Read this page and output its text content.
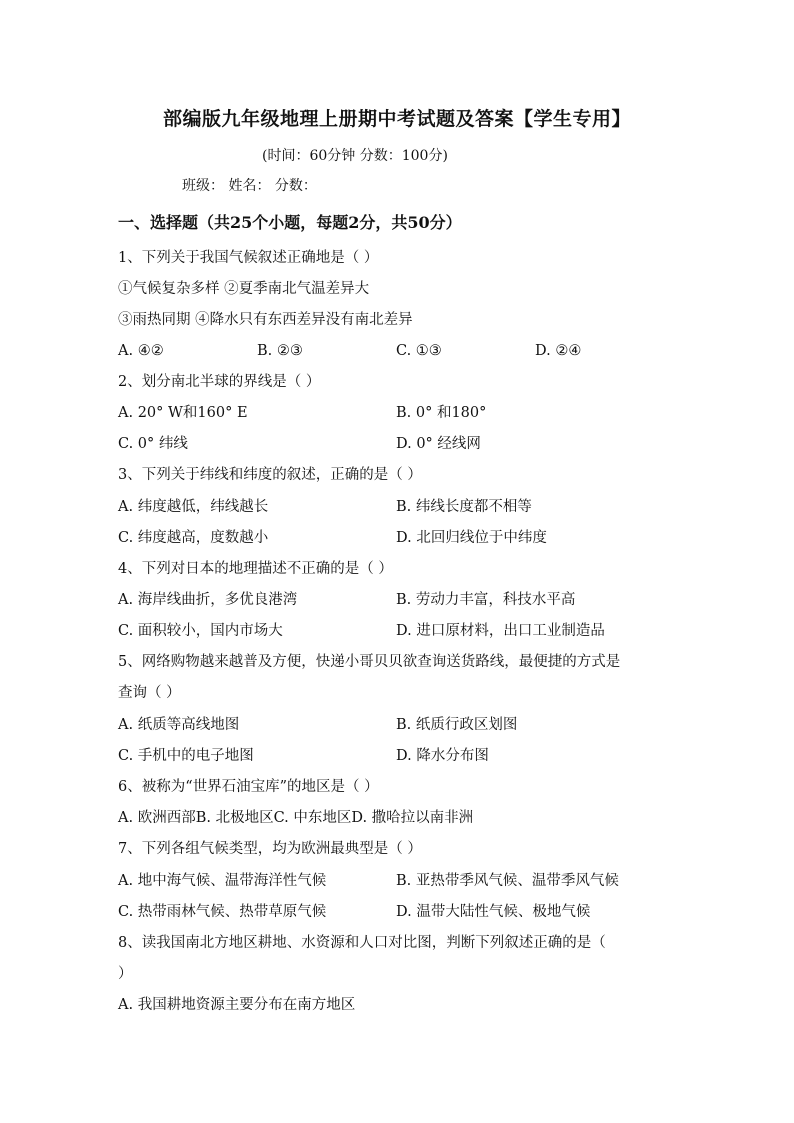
部编版九年级地理上册期中考试题及答案【学生专用】
(时间：60分钟 分数：100分)
班级： 姓名： 分数：
一、选择题（共25个小题，每题2分，共50分）
1、下列关于我国气候叙述正确地是（ ）
①气候复杂多样 ②夏季南北气温差异大
③雨热同期 ④降水只有东西差异没有南北差异
A. ④②	B. ②③	C. ①③	D. ②④
2、划分南北半球的界线是（ ）
A. 20° W和160° E	B. 0° 和180°
C. 0° 纬线	D. 0° 经线网
3、下列关于纬线和纬度的叙述，正确的是（ ）
A. 纬度越低，纬线越长	B. 纬线长度都不相等
C. 纬度越高，度数越小	D. 北回归线位于中纬度
4、下列对日本的地理描述不正确的是（ ）
A. 海岸线曲折，多优良港湾	B. 劳动力丰富，科技水平高
C. 面积较小，国内市场大	D. 进口原材料，出口工业制造品
5、网络购物越来越普及方便，快递小哥贝贝欲查询送货路线，最便捷的方式是
查询（ ）
A. 纸质等高线地图	B. 纸质行政区划图
C. 手机中的电子地图	D. 降水分布图
6、被称为“世界石油宝库”的地区是（ ）
A. 欧洲西部B. 北极地区C. 中东地区D. 撒哈拉以南非洲
7、下列各组气候类型，均为欧洲最典型是（ ）
A. 地中海气候、温带海洋性气候	B. 亚热带季风气候、温带季风气候
C. 热带雨林气候、热带草原气候	D. 温带大陆性气候、极地气候
8、读我国南北方地区耕地、水资源和人口对比图，判断下列叙述正确的是（
）
A. 我国耕地资源主要分布在南方地区
